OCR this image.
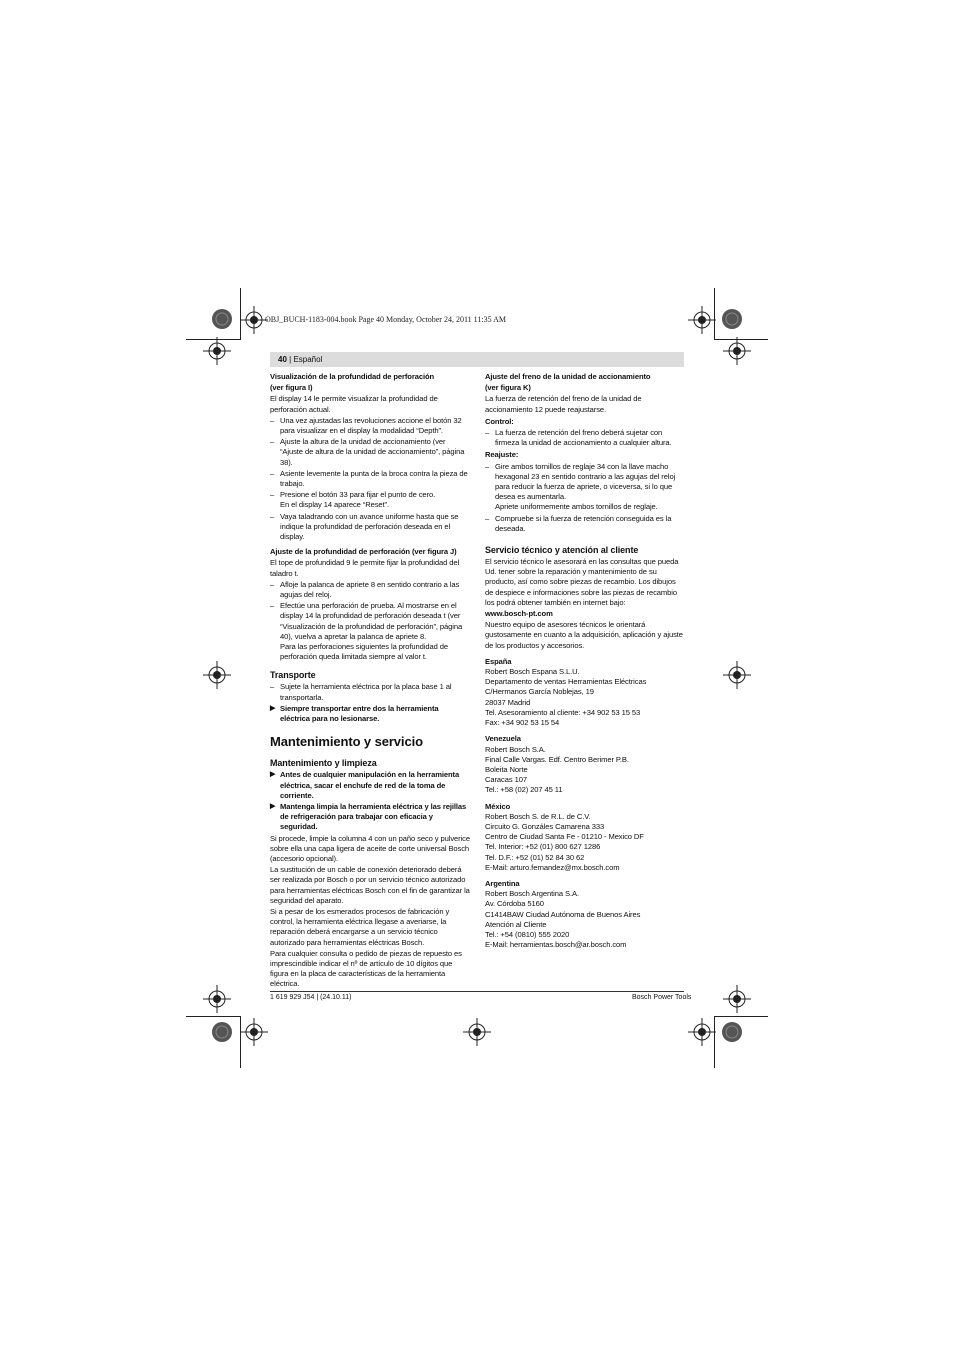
OBJ_BUCH-1183-004.book Page 40 Monday, October 24, 2011 11:35 AM
40 | Español

Visualización de la profundidad de perforación

(ver figura I)

El display 14 le permite visualizar la profundidad de perforación actual.

– Una vez ajustadas las revoluciones accione el botón 32 para visualizar en el display la modalidad “Depth”.

– Ajuste la altura de la unidad de accionamiento (ver “Ajuste de altura de la unidad de accionamiento”, página 38).

– Asiente levemente la punta de la broca contra la pieza de trabajo.

– Presione el botón 33 para fijar el punto de cero.
En el display 14 aparece “Reset”.

– Vaya taladrando con un avance uniforme hasta que se indique la profundidad de perforación deseada en el display.

Ajuste de la profundidad de perforación (ver figura J)

El tope de profundidad 9 le permite fijar la profundidad del taladro t.

– Afloje la palanca de apriete 8 en sentido contrario a las agujas del reloj.

– Efectúe una perforación de prueba. Al mostrarse en el display 14 la profundidad de perforación deseada t (ver “Visualización de la profundidad de perforación”, página 40), vuelva a apretar la palanca de apriete 8.
Para las perforaciones siguientes la profundidad de perforación queda limitada siempre al valor t.

Transporte

– Sujete la herramienta eléctrica por la placa base 1 al transportarla.

▶ Siempre transportar entre dos la herramienta eléctrica para no lesionarse.

Mantenimiento y servicio

Mantenimiento y limpieza

▶ Antes de cualquier manipulación en la herramienta eléctrica, sacar el enchufe de red de la toma de corriente.

▶ Mantenga limpia la herramienta eléctrica y las rejillas de refrigeración para trabajar con eficacia y seguridad.

Si procede, limpie la columna 4 con un paño seco y pulverice sobre ella una capa ligera de aceite de corte universal Bosch (accesorio opcional).

La sustitución de un cable de conexión deteriorado deberá ser realizada por Bosch o por un servicio técnico autorizado para herramientas eléctricas Bosch con el fin de garantizar la seguridad del aparato.

Si a pesar de los esmerados procesos de fabricación y control, la herramienta eléctrica llegase a averiarse, la reparación deberá encargarse a un servicio técnico autorizado para herramientas eléctricas Bosch.

Para cualquier consulta o pedido de piezas de repuesto es imprescindible indicar el nº de artículo de 10 dígitos que figura en la placa de características de la herramienta eléctrica.

Ajuste del freno de la unidad de accionamiento

(ver figura K)

La fuerza de retención del freno de la unidad de accionamiento 12 puede reajustarse.

Control:

– La fuerza de retención del freno deberá sujetar con firmeza la unidad de accionamiento a cualquier altura.

Reajuste:

– Gire ambos tornillos de reglaje 34 con la llave macho hexagonal 23 en sentido contrario a las agujas del reloj para reducir la fuerza de apriete, o viceversa, si lo que desea es aumentarla.
Apriete uniformemente ambos tornillos de reglaje.

– Compruebe si la fuerza de retención conseguida es la deseada.

Servicio técnico y atención al cliente

El servicio técnico le asesorará en las consultas que pueda Ud. tener sobre la reparación y mantenimiento de su producto, así como sobre piezas de recambio. Los dibujos de despiece e informaciones sobre las piezas de recambio los podrá obtener también en internet bajo:

www.bosch-pt.com

Nuestro equipo de asesores técnicos le orientará gustosamente en cuanto a la adquisición, aplicación y ajuste de los productos y accesorios.

España

Robert Bosch Espana S.L.U.

Departamento de ventas Herramientas Eléctricas

C/Hermanos García Noblejas, 19

28037 Madrid

Tel. Asesoramiento al cliente: +34 902 53 15 53

Fax: +34 902 53 15 54

Venezuela

Robert Bosch S.A.

Final Calle Vargas. Edf. Centro Berimer P.B.

Boleita Norte

Caracas 107

Tel.: +58 (02) 207 45 11

México

Robert Bosch S. de R.L. de C.V.

Circuito G. Gonzáles Camarena 333

Centro de Ciudad Santa Fe - 01210 - Mexico DF

Tel. Interior: +52 (01) 800 627 1286

Tel. D.F.: +52 (01) 52 84 30 62

E-Mail: arturo.fernandez@mx.bosch.com

Argentina

Robert Bosch Argentina S.A.

Av. Córdoba 5160

C1414BAW Ciudad Autónoma de Buenos Aires

Atención al Cliente

Tel.: +54 (0810) 555 2020

E-Mail: herramientas.bosch@ar.bosch.com

1 619 929 J54 | (24.10.11)	Bosch Power Tools
